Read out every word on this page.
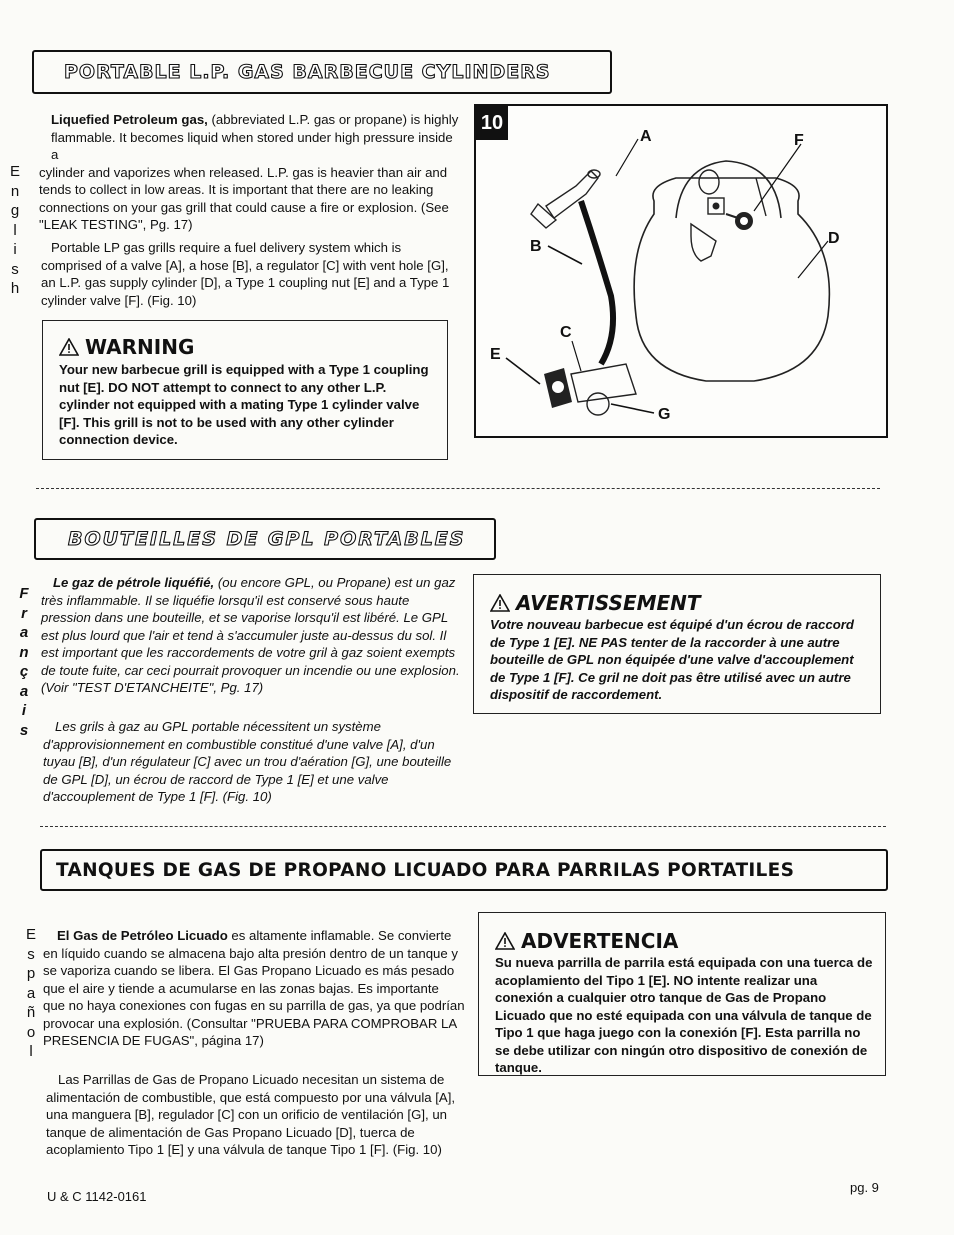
PORTABLE L.P. GAS BARBECUE CYLINDERS
E
n
g
l
i
s
h
Liquefied Petroleum gas, (abbreviated L.P. gas or propane) is highly
flammable. It becomes liquid when stored under high pressure inside a
cylinder and vaporizes when released. L.P. gas is heavier than air and
tends to collect in low areas. It is important that there are no leaking
connections on your gas grill that could cause a fire or explosion. (See
"LEAK TESTING", Pg. 17)
Portable LP gas grills require a fuel delivery system which is
comprised of a valve [A], a hose [B], a regulator [C] with vent hole [G],
an L.P. gas supply cylinder [D], a Type 1 coupling nut [E] and a Type 1
cylinder valve [F]. (Fig. 10)
WARNING
Your new barbecue grill is equipped with a Type 1 coupling
nut [E]. DO NOT attempt to connect to any other L.P.
cylinder not equipped with a mating Type 1 cylinder valve
[F]. This grill is not to be used with any other cylinder
connection device.
10
A	F
D
B
C
E
G
BOUTEILLES DE GPL PORTABLES
F
r
a
n
ç
a
i
s
Le gaz de pétrole liquéfié, (ou encore GPL, ou Propane) est un gaz
très inflammable. Il se liquéfie lorsqu'il est conservé sous haute
pression dans une bouteille, et se vaporise lorsqu'il est libéré. Le GPL
est plus lourd que l'air et tend à s'accumuler juste au-dessus du sol. Il
est important que les raccordements de votre gril à gaz soient exempts
de toute fuite, car ceci pourrait provoquer un incendie ou une explosion.
(Voir "TEST D'ETANCHEITE", Pg. 17)
Les grils à gaz au GPL portable nécessitent un système
d'approvisionnement en combustible constitué d'une valve [A], d'un
tuyau [B], d'un régulateur [C] avec un trou d'aération [G], une bouteille
de GPL [D], un écrou de raccord de Type 1 [E] et une valve
d'accouplement de Type 1 [F]. (Fig. 10)
AVERTISSEMENT
Votre nouveau barbecue est équipé d'un écrou de raccord
de Type 1 [E]. NE PAS tenter de la raccorder à une autre
bouteille de GPL non équipée d'une valve d'accouplement
de Type 1 [F]. Ce gril ne doit pas être utilisé avec un autre
dispositif de raccordement.
TANQUES DE GAS DE PROPANO LICUADO PARA PARRILAS PORTATILES
E
s
p
a
ñ
o
l
El Gas de Petróleo Licuado es altamente inflamable. Se convierte
en líquido cuando se almacena bajo alta presión dentro de un tanque y
se vaporiza cuando se libera. El Gas Propano Licuado es más pesado
que el aire y tiende a acumularse en las zonas bajas. Es importante
que no haya conexiones con fugas en su parrilla de gas, ya que podrían
provocar una explosión. (Consultar "PRUEBA PARA COMPROBAR LA
PRESENCIA DE FUGAS", página 17)
Las Parrillas de Gas de Propano Licuado necesitan un sistema de
alimentación de combustible, que está compuesto por una válvula [A],
una manguera [B], regulador [C] con un orificio de ventilación [G], un
tanque de alimentación de Gas Propano Licuado [D], tuerca de
acoplamiento Tipo 1 [E] y una válvula de tanque Tipo 1 [F]. (Fig. 10)
ADVERTENCIA
Su nueva parrilla de parrila está equipada con una tuerca de
acoplamiento del Tipo 1 [E]. NO intente realizar una
conexión a cualquier otro tanque de Gas de Propano
Licuado que no esté equipada con una válvula de tanque de
Tipo 1 que haga juego con la conexión [F]. Esta parrilla no
se debe utilizar con ningún otro dispositivo de conexión de
tanque.
U & C 1142-0161
pg. 9
